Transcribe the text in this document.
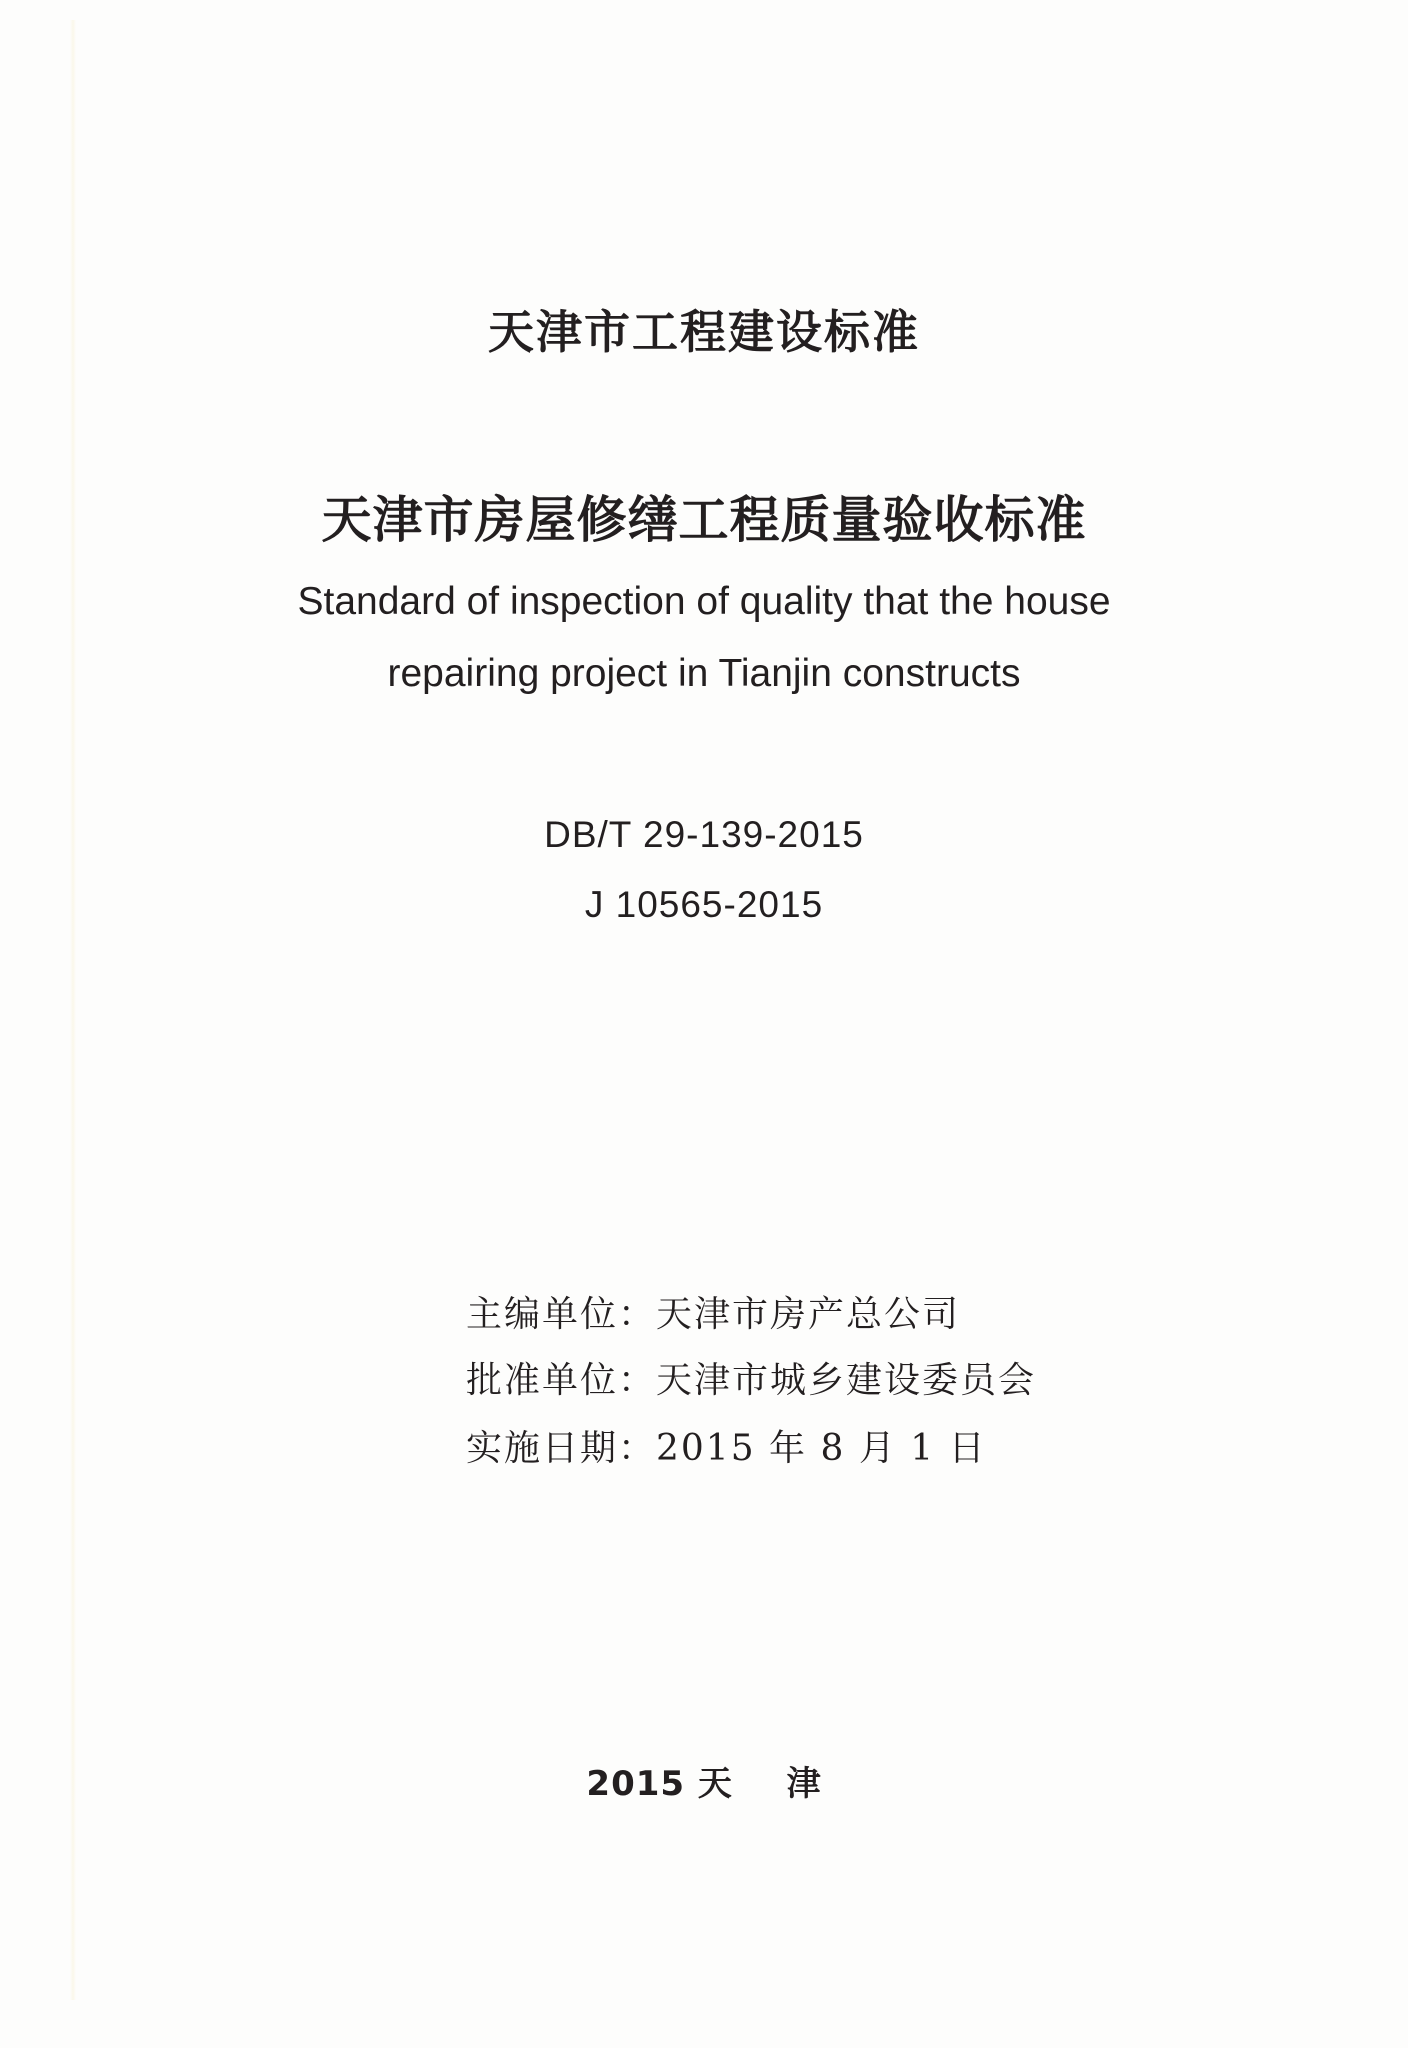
天津市工程建设标准
天津市房屋修缮工程质量验收标准
Standard of inspection of quality that the house
repairing project in Tianjin constructs
DB/T 29-139-2015
J 10565-2015
主编单位：天津市房产总公司
批准单位：天津市城乡建设委员会
实施日期：2015 年 8 月 1 日
2015 天 津
